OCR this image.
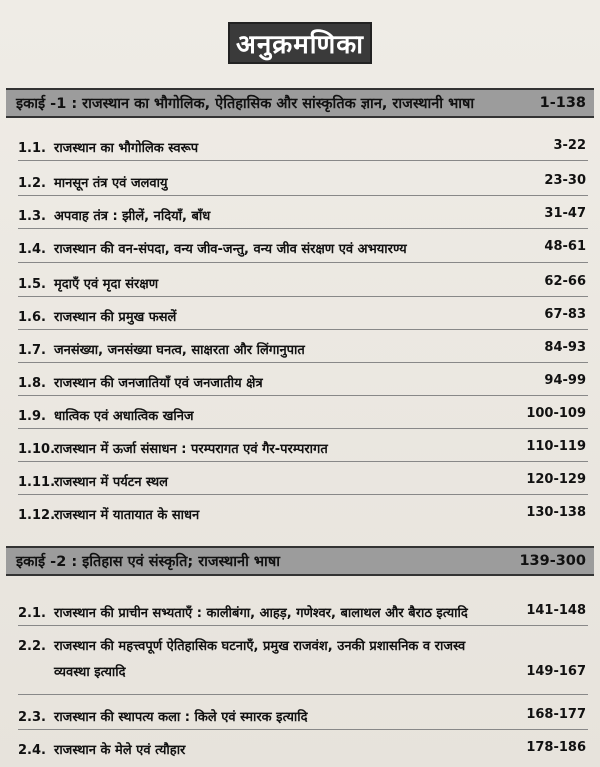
अनुक्रमणिका
इकाई -1 : राजस्थान का भौगोलिक, ऐतिहासिक और सांस्कृतिक ज्ञान, राजस्थानी भाषा	1-138
1.1. राजस्थान का भौगोलिक स्वरूप	3-22
1.2. मानसून तंत्र एवं जलवायु	23-30
1.3. अपवाह तंत्र : झीलें, नदियाँ, बाँध	31-47
1.4. राजस्थान की वन-संपदा, वन्य जीव-जन्तु, वन्य जीव संरक्षण एवं अभयारण्य	48-61
1.5. मृदाएँ एवं मृदा संरक्षण	62-66
1.6. राजस्थान की प्रमुख फसलें	67-83
1.7. जनसंख्या, जनसंख्या घनत्व, साक्षरता और लिंगानुपात	84-93
1.8. राजस्थान की जनजातियाँ एवं जनजातीय क्षेत्र	94-99
1.9. धात्विक एवं अधात्विक खनिज	100-109
1.10.राजस्थान में ऊर्जा संसाधन : परम्परागत एवं गैर-परम्परागत	110-119
1.11.राजस्थान में पर्यटन स्थल	120-129
1.12.राजस्थान में यातायात के साधन	130-138
इकाई -2 : इतिहास एवं संस्कृति; राजस्थानी भाषा	139-300
2.1. राजस्थान की प्राचीन सभ्यताएँ : कालीबंगा, आहड़, गणेश्वर, बालाथल और बैराठ इत्यादि	141-148
2.2. राजस्थान की महत्त्वपूर्ण ऐतिहासिक घटनाएँ, प्रमुख राजवंश, उनकी प्रशासनिक व राजस्व
व्यवस्था इत्यादि	149-167
2.3. राजस्थान की स्थापत्य कला : किले एवं स्मारक इत्यादि	168-177
2.4. राजस्थान के मेले एवं त्यौहार	178-186
